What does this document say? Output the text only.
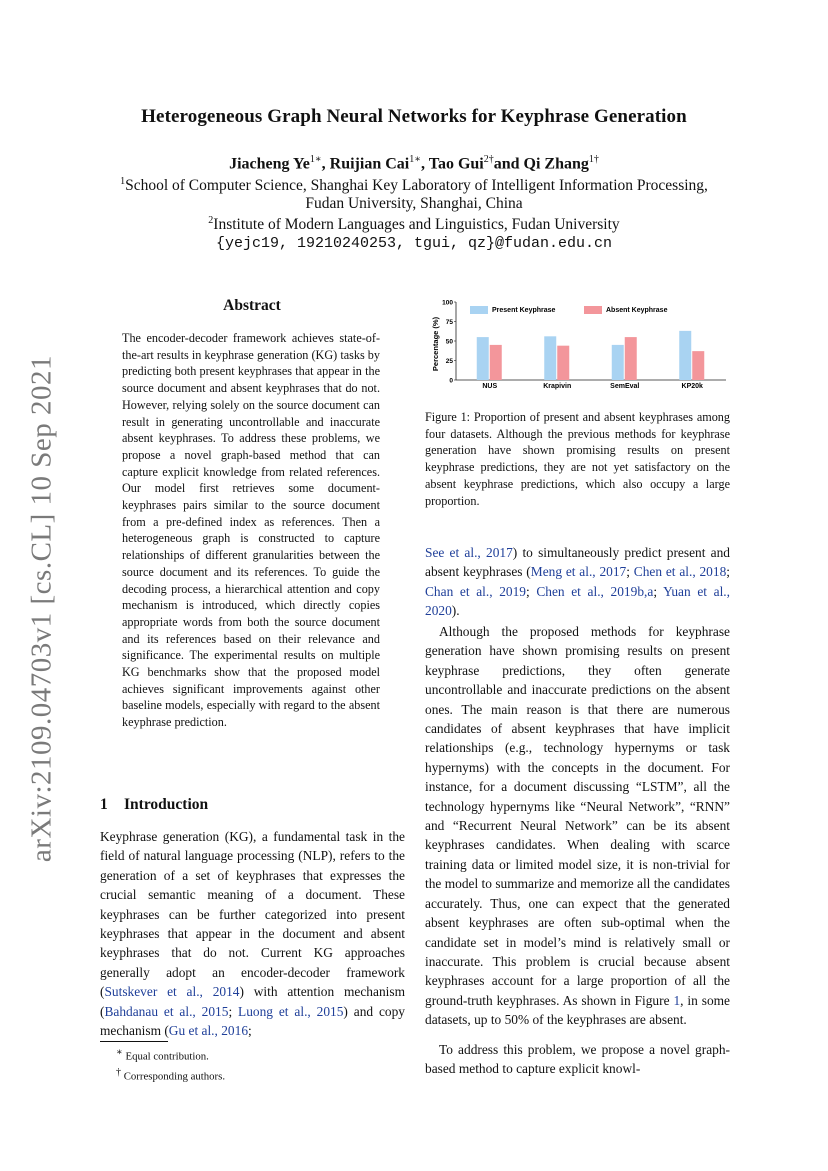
arXiv:2109.04703v1 [cs.CL] 10 Sep 2021
Heterogeneous Graph Neural Networks for Keyphrase Generation
Jiacheng $Ye^{1∗}$, Ruijian Cai$^{1∗}$, Tao Gui$^{2\dagger}$and Qi Zhang$^{1\dagger}$
$^1$School of Computer Science, Shanghai Key Laboratory of Intelligent Information Processing,
Fudan University, Shanghai, China
$^2$Institute of Modern Languages and Linguistics, Fudan University
{yejc19, 19210240253, tgui, qz}@fudan.edu.cn
Abstract
The encoder-decoder framework achieves state-of-the-art results in keyphrase generation (KG) tasks by predicting both present keyphrases that appear in the source document and absent keyphrases that do not. However, relying solely on the source document can result in generating uncontrollable and inaccurate absent keyphrases. To address these problems, we propose a novel graph-based method that can capture explicit knowledge from related references. Our model first retrieves some document-keyphrases pairs similar to the source document from a pre-defined index as references. Then a heterogeneous graph is constructed to capture relationships of different granularities between the source document and its references. To guide the decoding process, a hierarchical attention and copy mechanism is introduced, which directly copies appropriate words from both the source document and its references based on their relevance and significance. The experimental results on multiple KG benchmarks show that the proposed model achieves significant improvements against other baseline models, especially with regard to the absent keyphrase prediction.
1 Introduction
Keyphrase generation (KG), a fundamental task in the field of natural language processing (NLP), refers to the generation of a set of keyphrases that expresses the crucial semantic meaning of a document. These keyphrases can be further categorized into present keyphrases that appear in the document and absent keyphrases that do not. Current KG approaches generally adopt an encoder-decoder framework (Sutskever et al., 2014) with attention mechanism (Bahdanau et al., 2015; Luong et al., 2015) and copy mechanism (Gu et al., 2016;
∗ Equal contribution.
† Corresponding authors.
Percentage (%)
0
25
50
75
100
NUS	Krapivin	SemEval	KP20k
Present Keyphrase	Absent Keyphrase
Figure 1: Proportion of present and absent keyphrases among four datasets. Although the previous methods for keyphrase generation have shown promising results on present keyphrase predictions, they are not yet satisfactory on the absent keyphrase predictions, which also occupy a large proportion.
See et al., 2017) to simultaneously predict present and absent keyphrases (Meng et al., 2017; Chen et al., 2018; Chan et al., 2019; Chen et al., 2019b,a; Yuan et al., 2020).

Although the proposed methods for keyphrase generation have shown promising results on present keyphrase predictions, they often generate uncontrollable and inaccurate predictions on the absent ones. The main reason is that there are numerous candidates of absent keyphrases that have implicit relationships (e.g., technology hypernyms or task hypernyms) with the concepts in the document. For instance, for a document discussing “LSTM”, all the technology hypernyms like “Neural Network”, “RNN” and “Recurrent Neural Network” can be its absent keyphrases candidates. When dealing with scarce training data or limited model size, it is non-trivial for the model to summarize and memorize all the candidates accurately. Thus, one can expect that the generated absent keyphrases are often sub-optimal when the candidate set in model’s mind is relatively small or inaccurate. This problem is crucial because absent keyphrases account for a large proportion of all the ground-truth keyphrases. As shown in Figure 1, in some datasets, up to 50% of the keyphrases are absent.

To address this problem, we propose a novel graph-based method to capture explicit knowl-
